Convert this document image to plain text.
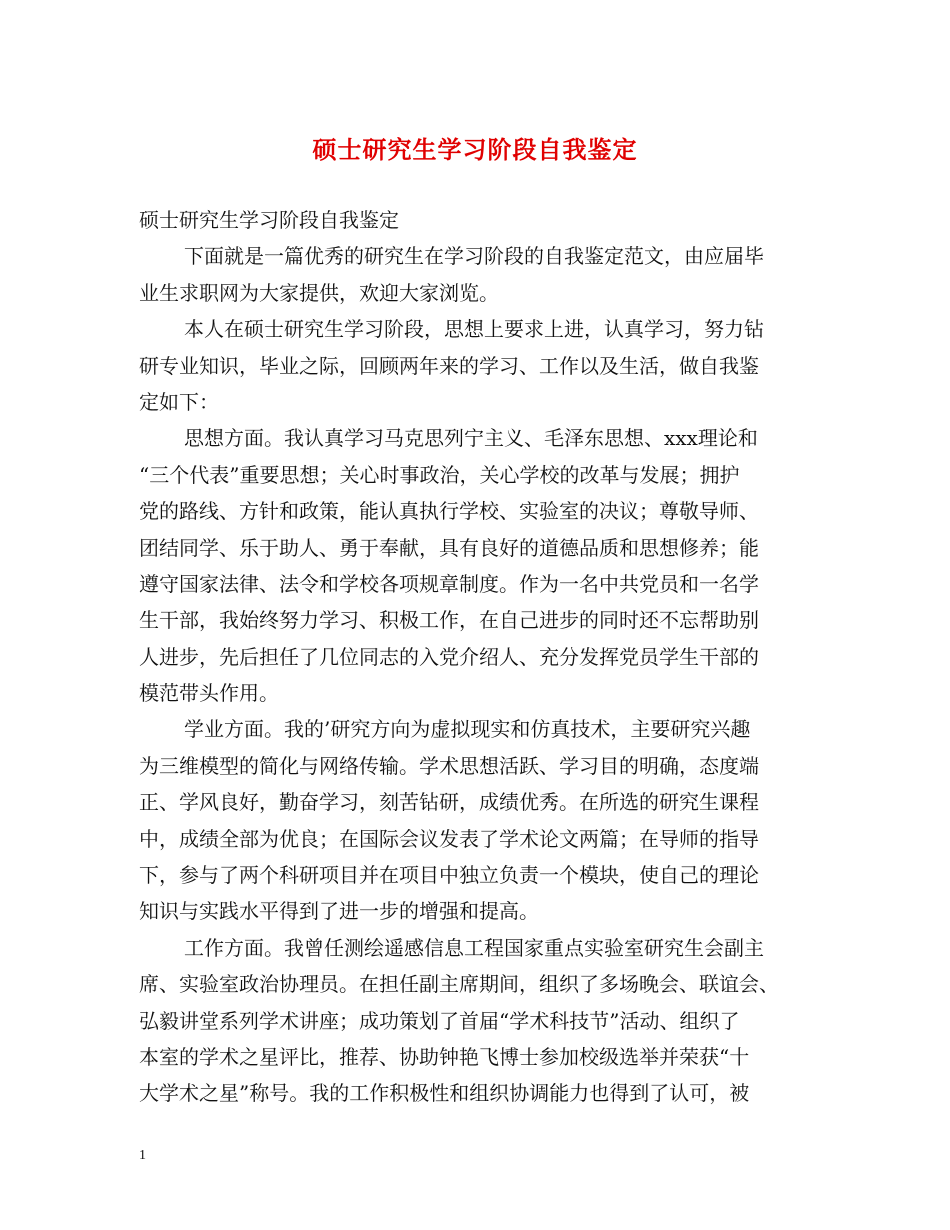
硕士研究生学习阶段自我鉴定
硕士研究生学习阶段自我鉴定
下面就是一篇优秀的研究生在学习阶段的自我鉴定范文，由应届毕
业生求职网为大家提供，欢迎大家浏览。
本人在硕士研究生学习阶段，思想上要求上进，认真学习，努力钻
研专业知识，毕业之际，回顾两年来的学习、工作以及生活，做自我鉴
定如下：
思想方面。我认真学习马克思列宁主义、毛泽东思想、xxx理论和
“三个代表”重要思想；关心时事政治，关心学校的改革与发展；拥护
党的路线、方针和政策，能认真执行学校、实验室的决议；尊敬导师、
团结同学、乐于助人、勇于奉献，具有良好的道德品质和思想修养；能
遵守国家法律、法令和学校各项规章制度。作为一名中共党员和一名学
生干部，我始终努力学习、积极工作，在自己进步的同时还不忘帮助别
人进步，先后担任了几位同志的入党介绍人、充分发挥党员学生干部的
模范带头作用。
学业方面。我的’研究方向为虚拟现实和仿真技术，主要研究兴趣
为三维模型的简化与网络传输。学术思想活跃、学习目的明确，态度端
正、学风良好，勤奋学习，刻苦钻研，成绩优秀。在所选的研究生课程
中，成绩全部为优良；在国际会议发表了学术论文两篇；在导师的指导
下，参与了两个科研项目并在项目中独立负责一个模块，使自己的理论
知识与实践水平得到了进一步的增强和提高。
工作方面。我曾任测绘遥感信息工程国家重点实验室研究生会副主
席、实验室政治协理员。在担任副主席期间，组织了多场晚会、联谊会、
弘毅讲堂系列学术讲座；成功策划了首届“学术科技节”活动、组织了
本室的学术之星评比，推荐、协助钟艳飞博士参加校级选举并荣获“十
大学术之星”称号。我的工作积极性和组织协调能力也得到了认可，被
1
